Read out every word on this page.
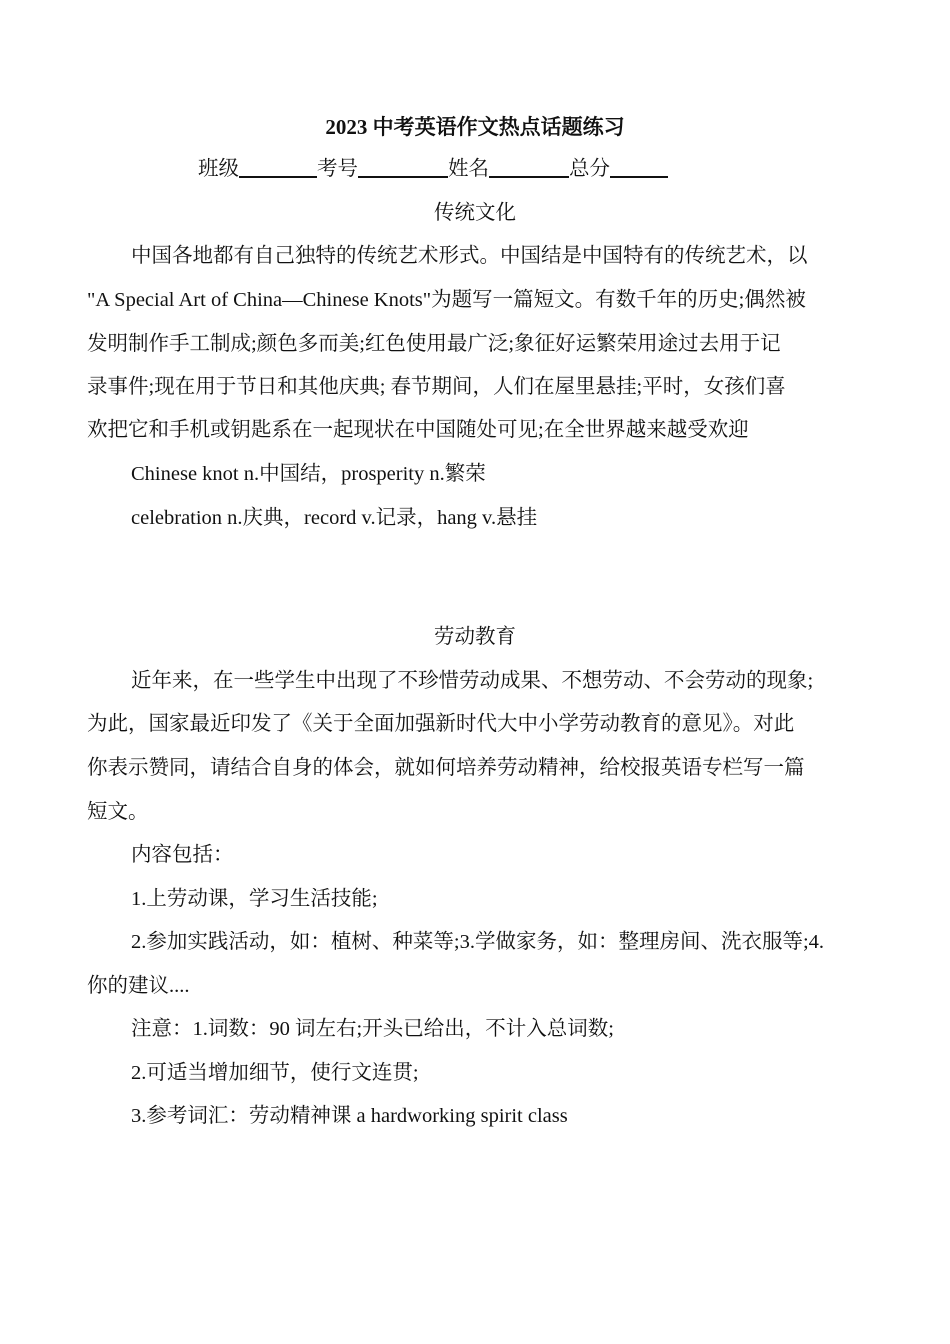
2023 中考英语作文热点话题练习
班级	考号	姓名	总分
传统文化
中国各地都有自己独特的传统艺术形式。中国结是中国特有的传统艺术，以
"A Special Art of China—Chinese Knots"为题写一篇短文。有数千年的历史;偶然被
发明制作手工制成;颜色多而美;红色使用最广泛;象征好运繁荣用途过去用于记
录事件;现在用于节日和其他庆典; 春节期间，人们在屋里悬挂;平时，女孩们喜
欢把它和手机或钥匙系在一起现状在中国随处可见;在全世界越来越受欢迎
Chinese knot n.中国结，prosperity n.繁荣
celebration n.庆典，record v.记录，hang v.悬挂
劳动教育
近年来，在一些学生中出现了不珍惜劳动成果、不想劳动、不会劳动的现象;
为此，国家最近印发了《关于全面加强新时代大中小学劳动教育的意见》。对此
你表示赞同，请结合自身的体会，就如何培养劳动精神，给校报英语专栏写一篇
短文。
内容包括：
1.上劳动课，学习生活技能;
2.参加实践活动，如：植树、种菜等;3.学做家务，如：整理房间、洗衣服等;4.
你的建议....
注意：1.词数：90 词左右;开头已给出，不计入总词数;
2.可适当增加细节，使行文连贯;
3.参考词汇：劳动精神课 a hardworking spirit class
